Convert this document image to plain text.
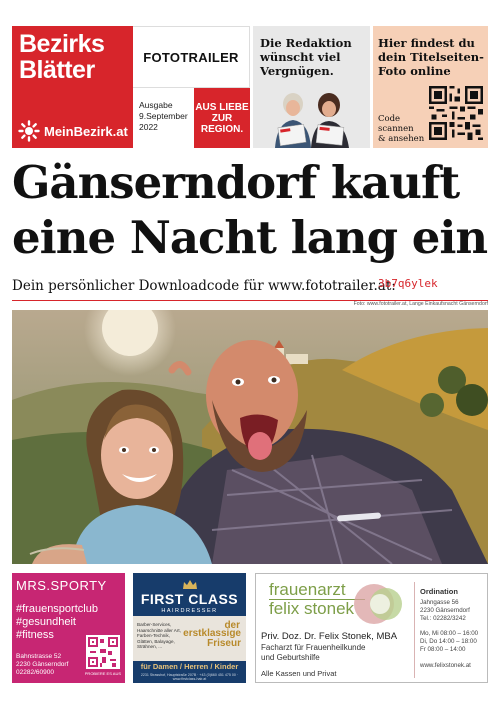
Bezirks
Blätter
MeinBezirk.at
FOTOTRAILER
Ausgabe
9.September
2022
AUS LIEBE
ZUR
REGION.
Die Redaktion
wünscht viel
Vergnügen.
Hier findest du
dein Titelseiten-
Foto online
Code
scannen
& ansehen
Gänserndorf kauft
eine Nacht lang ein
Dein persönlicher Downloadcode für www.fototrailer.at:
3b7q6ylek
Foto: www.fototrailer.at, Lange Einkaufsnacht Gänserndorf
MRS.SPORTY
#frauensportclub
#gesundheit
#fitness
Bahnstrasse 52
2230 Gänserndorf
02282/60900	PROBIERE ES AUS
FIRST CLASS
HAIRDRESSER
Barber-Services, Haarschnitte aller Art, Farben-Technik, Glätten, Balayage, Strähnen, ...
der
erstklassige
Friseur
für Damen / Herren / Kinder
2231 Strasshof, Hauptstraße 207B · +43 (0)660 451 475 00 · www.firstclass-hair.at
frauenarzt
felix stonek
Priv. Doz. Dr. Felix Stonek, MBA
Facharzt für Frauenheilkunde
und Geburtshilfe
Alle Kassen und Privat
Ordination
Jahngasse 56
2230 Gänserndorf
Tel.: 02282/3242
Mo, Mi 08:00 – 16:00
Di, Do 14:00 – 18:00
Fr 08:00 – 14:00
www.felixstonek.at
